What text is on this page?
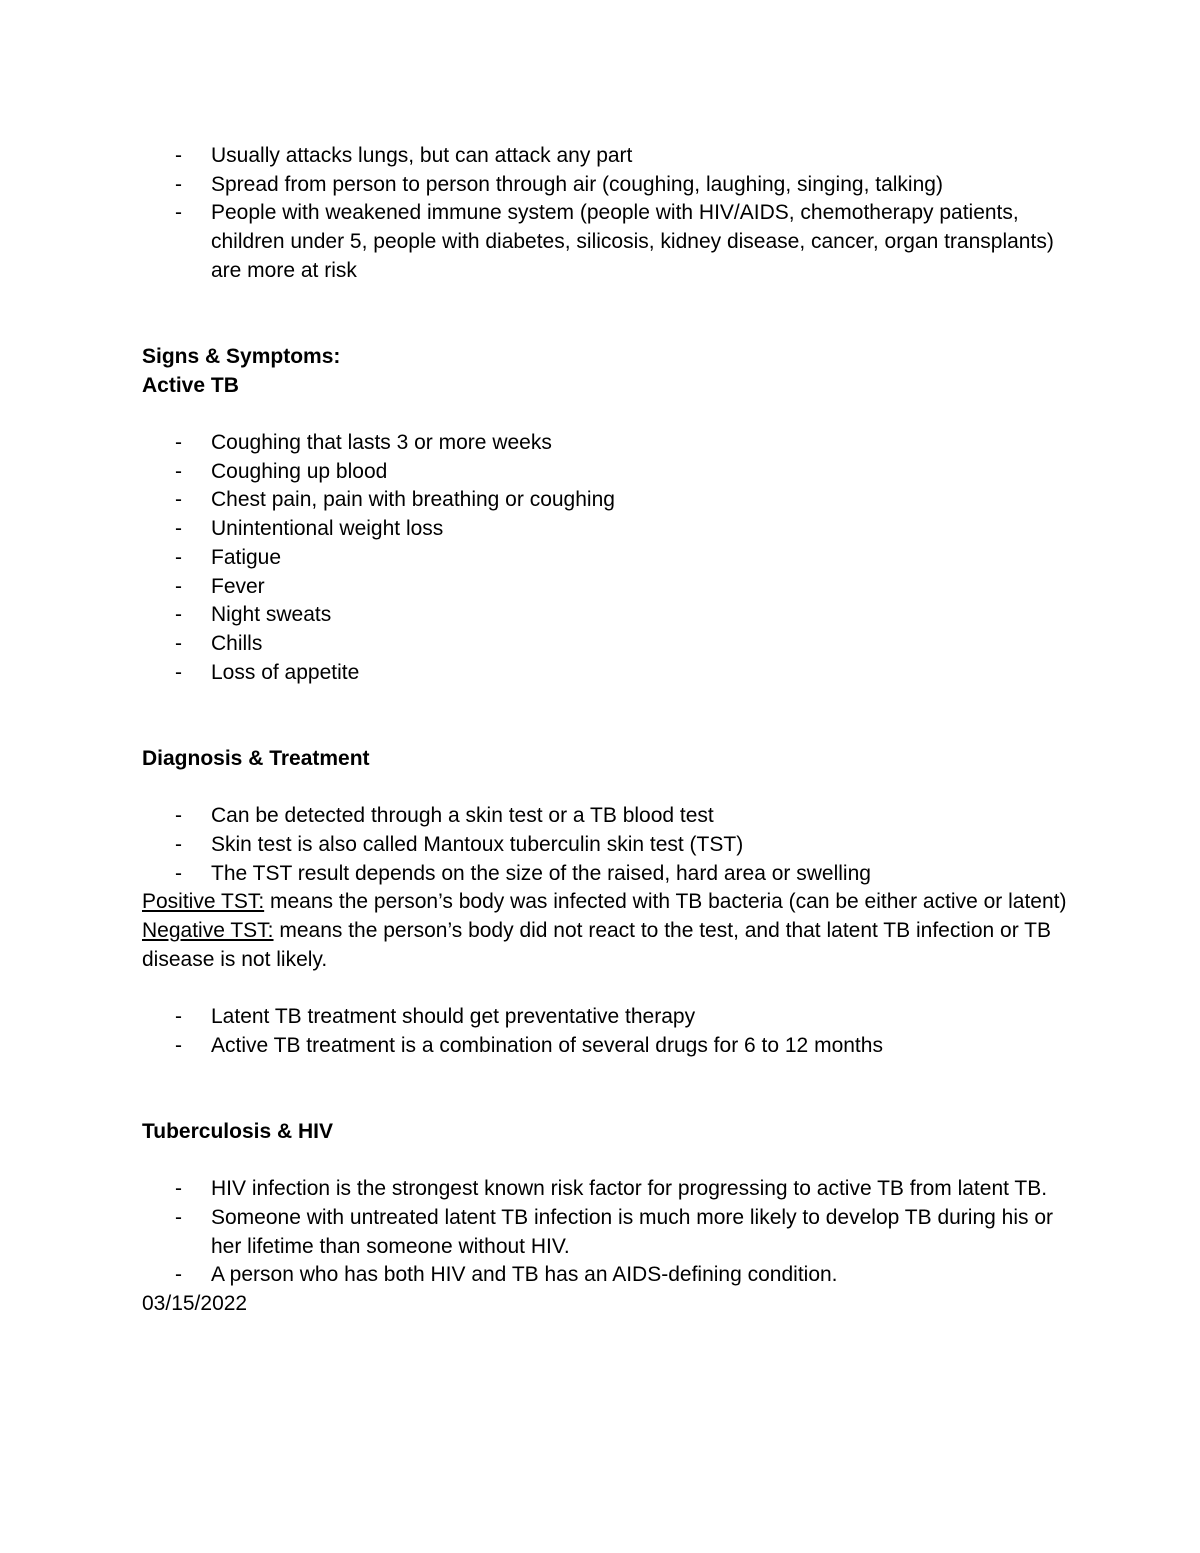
- Usually attacks lungs, but can attack any part
- Spread from person to person through air (coughing, laughing, singing, talking)
- People with weakened immune system (people with HIV/AIDS, chemotherapy patients, children under 5, people with diabetes, silicosis, kidney disease, cancer, organ transplants) are more at risk
Signs & Symptoms:
Active TB
- Coughing that lasts 3 or more weeks
- Coughing up blood
- Chest pain, pain with breathing or coughing
- Unintentional weight loss
- Fatigue
- Fever
- Night sweats
- Chills
- Loss of appetite
Diagnosis & Treatment
- Can be detected through a skin test or a TB blood test
- Skin test is also called Mantoux tuberculin skin test (TST)
- The TST result depends on the size of the raised, hard area or swelling
Positive TST: means the person’s body was infected with TB bacteria (can be either active or latent)
Negative TST: means the person’s body did not react to the test, and that latent TB infection or TB disease is not likely.
- Latent TB treatment should get preventative therapy
- Active TB treatment is a combination of several drugs for 6 to 12 months
Tuberculosis & HIV
- HIV infection is the strongest known risk factor for progressing to active TB from latent TB.
- Someone with untreated latent TB infection is much more likely to develop TB during his or her lifetime than someone without HIV.
- A person who has both HIV and TB has an AIDS-defining condition.
03/15/2022
